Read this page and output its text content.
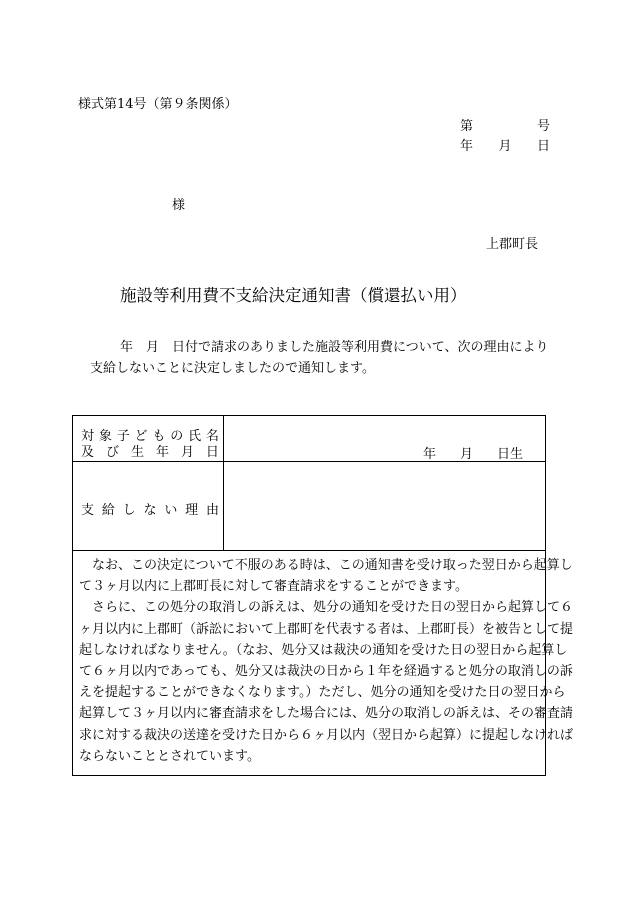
様式第14号（第９条関係）
第	号
年 月 日
様
上郡町長
施設等利用費不支給決定通知書（償還払い用）
年　月　日付で請求のありました施設等利用費について、次の理由により
支給しないことに決定しましたので通知します。
対 象 子 ど も の 氏 名
及 び 生 年 月 日	年 月 日生
支 給 し な い 理 由
なお、この決定について不服のある時は、この通知書を受け取った翌日から起算し
て３ヶ月以内に上郡町長に対して審査請求をすることができます。
さらに、この処分の取消しの訴えは、処分の通知を受けた日の翌日から起算して６
ヶ月以内に上郡町（訴訟において上郡町を代表する者は、上郡町長）を被告として提
起しなければなりません。（なお、処分又は裁決の通知を受けた日の翌日から起算し
て６ヶ月以内であっても、処分又は裁決の日から１年を経過すると処分の取消しの訴
えを提起することができなくなります。）ただし、処分の通知を受けた日の翌日から
起算して３ヶ月以内に審査請求をした場合には、処分の取消しの訴えは、その審査請
求に対する裁決の送達を受けた日から６ヶ月以内（翌日から起算）に提起しなければ
ならないこととされています。
